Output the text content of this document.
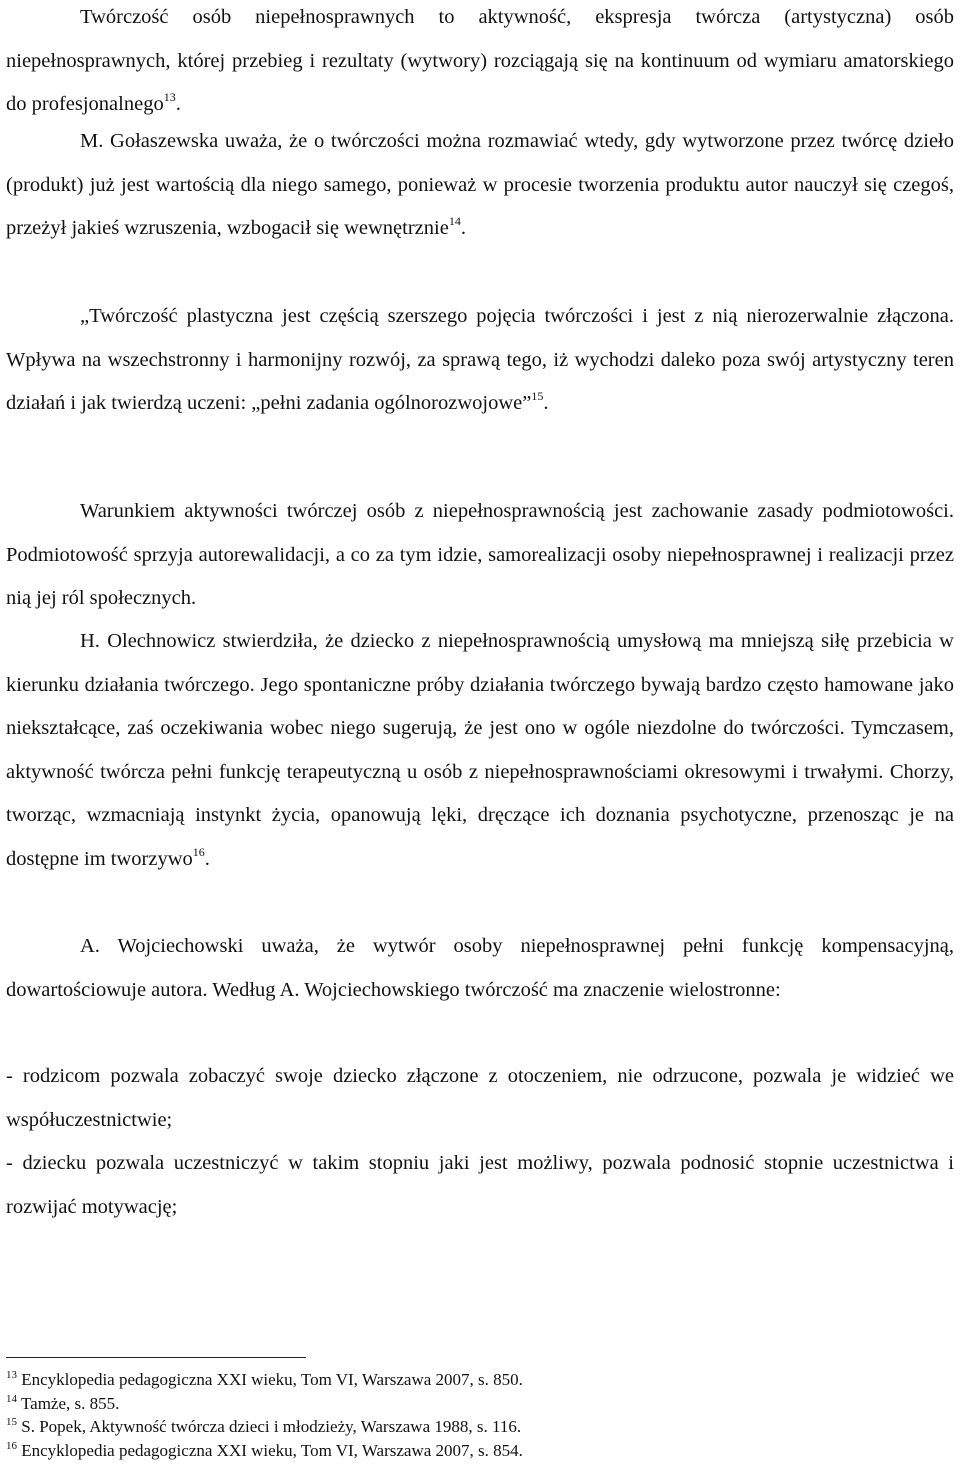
Twórczość osób niepełnosprawnych to aktywność, ekspresja twórcza (artystyczna) osób niepełnosprawnych, której przebieg i rezultaty (wytwory) rozciągają się na kontinuum od wymiaru amatorskiego do profesjonalnego$^{13}$.

M. Gołaszewska uważa, że o twórczości można rozmawiać wtedy, gdy wytworzone przez twórcę dzieło (produkt) już jest wartością dla niego samego, ponieważ w procesie tworzenia produktu autor nauczył się czegoś, przeżył jakieś wzruszenia, wzbogacił się wewnętrznie$^{14}$.

„Twórczość plastyczna jest częścią szerszego pojęcia twórczości i jest z nią nierozerwalnie złączona. Wpływa na wszechstronny i harmonijny rozwój, za sprawą tego, iż wychodzi daleko poza swój artystyczny teren działań i jak twierdzą uczeni: „pełni zadania ogólnorozwojowe”$^{15}$.

Warunkiem aktywności twórczej osób z niepełnosprawnością jest zachowanie zasady podmiotowości. Podmiotowość sprzyja autorewalidacji, a co za tym idzie, samorealizacji osoby niepełnosprawnej i realizacji przez nią jej ról społecznych.

H. Olechnowicz stwierdziła, że dziecko z niepełnosprawnością umysłową ma mniejszą siłę przebicia w kierunku działania twórczego. Jego spontaniczne próby działania twórczego bywają bardzo często hamowane jako niekształcące, zaś oczekiwania wobec niego sugerują, że jest ono w ogóle niezdolne do twórczości. Tymczasem, aktywność twórcza pełni funkcję terapeutyczną u osób z niepełnosprawnościami okresowymi i trwałymi. Chorzy, tworząc, wzmacniają instynkt życia, opanowują lęki, dręczące ich doznania psychotyczne, przenosząc je na dostępne im tworzywo$^{16}$.

A. Wojciechowski uważa, że wytwór osoby niepełnosprawnej pełni funkcję kompensacyjną, dowartościowuje autora. Według A. Wojciechowskiego twórczość ma znaczenie wielostronne:

- rodzicom pozwala zobaczyć swoje dziecko złączone z otoczeniem, nie odrzucone, pozwala je widzieć we współuczestnictwie;

- dziecku pozwala uczestniczyć w takim stopniu jaki jest możliwy, pozwala podnosić stopnie uczestnictwa i rozwijać motywację;

$^{13}$ Encyklopedia pedagogiczna XXI wieku, Tom VI, Warszawa 2007, s. 850.
$^{14}$ Tamże, s. 855.
$^{15}$ S. Popek, Aktywność twórcza dzieci i młodzieży, Warszawa 1988, s. 116.
$^{16}$ Encyklopedia pedagogiczna XXI wieku, Tom VI, Warszawa 2007, s. 854.
